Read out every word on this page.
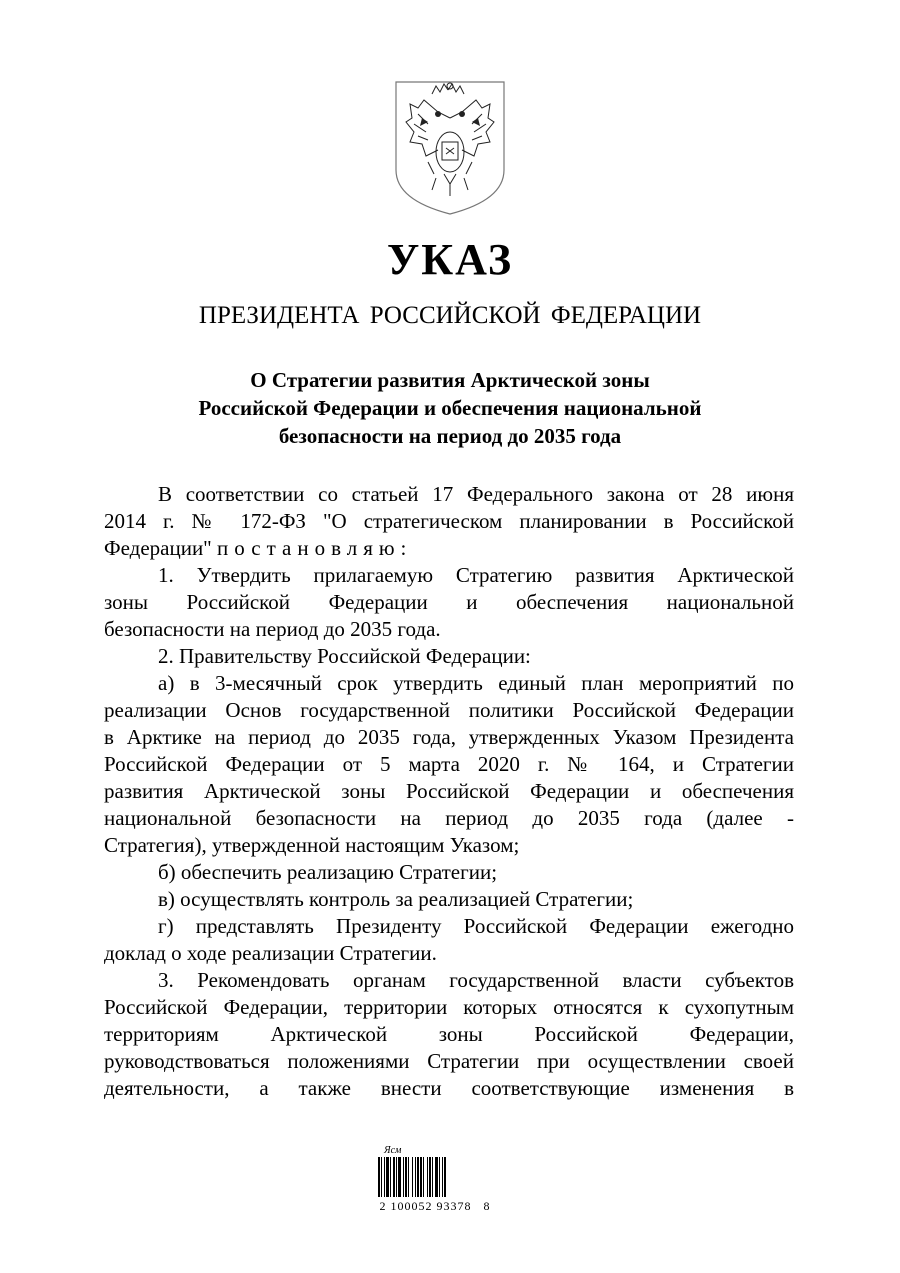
УКАЗ
ПРЕЗИДЕНТА РОССИЙСКОЙ ФЕДЕРАЦИИ
О Стратегии развития Арктической зоны
Российской Федерации и обеспечения национальной
безопасности на период до 2035 года
В соответствии со статьей 17 Федерального закона от 28 июня
2014 г. № 172-ФЗ "О стратегическом планировании в Российской
Федерации" постановляю:
1. Утвердить прилагаемую Стратегию развития Арктической
зоны Российской Федерации и обеспечения национальной
безопасности на период до 2035 года.
2. Правительству Российской Федерации:
а) в 3-месячный срок утвердить единый план мероприятий по
реализации Основ государственной политики Российской Федерации
в Арктике на период до 2035 года, утвержденных Указом Президента
Российской Федерации от 5 марта 2020 г. № 164, и Стратегии
развития Арктической зоны Российской Федерации и обеспечения
национальной безопасности на период до 2035 года (далее -
Стратегия), утвержденной настоящим Указом;
б) обеспечить реализацию Стратегии;
в) осуществлять контроль за реализацией Стратегии;
г) представлять Президенту Российской Федерации ежегодно
доклад о ходе реализации Стратегии.
3. Рекомендовать органам государственной власти субъектов
Российской Федерации, территории которых относятся к сухопутным
территориям Арктической зоны Российской Федерации,
руководствоваться положениями Стратегии при осуществлении своей
деятельности, а также внести соответствующие изменения в
Ясм
2 100052 93378   8
